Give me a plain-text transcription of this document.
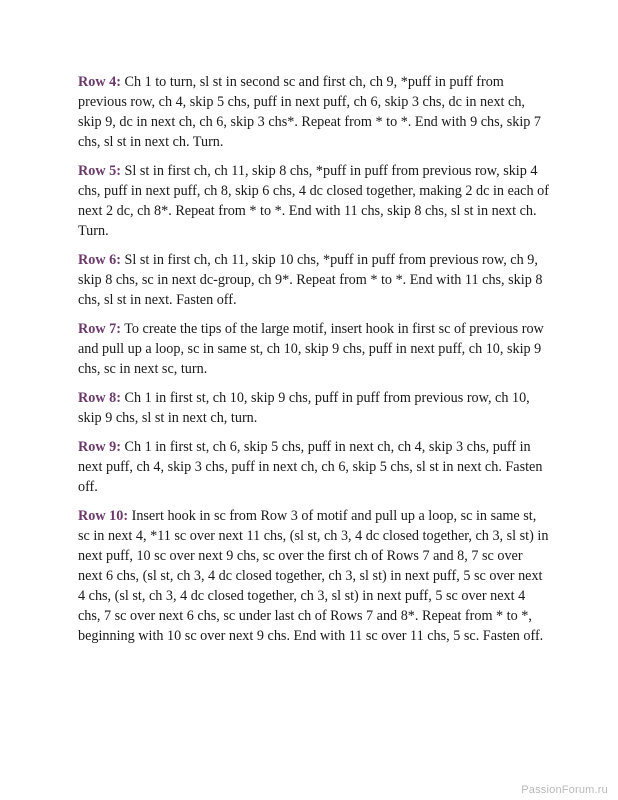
Row 4: Ch 1 to turn, sl st in second sc and first ch, ch 9, *puff in puff from previous row, ch 4, skip 5 chs, puff in next puff, ch 6, skip 3 chs, dc in next ch, skip 9, dc in next ch, ch 6, skip 3 chs*. Repeat from * to *. End with 9 chs, skip 7 chs, sl st in next ch. Turn.

Row 5: Sl st in first ch, ch 11, skip 8 chs, *puff in puff from previous row, skip 4 chs, puff in next puff, ch 8, skip 6 chs, 4 dc closed together, making 2 dc in each of next 2 dc, ch 8*. Repeat from * to *. End with 11 chs, skip 8 chs, sl st in next ch. Turn.

Row 6: Sl st in first ch, ch 11, skip 10 chs, *puff in puff from previous row, ch 9, skip 8 chs, sc in next dc-group, ch 9*. Repeat from * to *. End with 11 chs, skip 8 chs, sl st in next. Fasten off.

Row 7: To create the tips of the large motif, insert hook in first sc of previous row and pull up a loop, sc in same st, ch 10, skip 9 chs, puff in next puff, ch 10, skip 9 chs, sc in next sc, turn.

Row 8: Ch 1 in first st, ch 10, skip 9 chs, puff in puff from previous row, ch 10, skip 9 chs, sl st in next ch, turn.

Row 9: Ch 1 in first st, ch 6, skip 5 chs, puff in next ch, ch 4, skip 3 chs, puff in next puff, ch 4, skip 3 chs, puff in next ch, ch 6, skip 5 chs, sl st in next ch. Fasten off.

Row 10: Insert hook in sc from Row 3 of motif and pull up a loop, sc in same st, sc in next 4, *11 sc over next 11 chs, (sl st, ch 3, 4 dc closed together, ch 3, sl st) in next puff, 10 sc over next 9 chs, sc over the first ch of Rows 7 and 8, 7 sc over next 6 chs, (sl st, ch 3, 4 dc closed together, ch 3, sl st) in next puff, 5 sc over next 4 chs, (sl st, ch 3, 4 dc closed together, ch 3, sl st) in next puff, 5 sc over next 4 chs, 7 sc over next 6 chs, sc under last ch of Rows 7 and 8*. Repeat from * to *, beginning with 10 sc over next 9 chs. End with 11 sc over 11 chs, 5 sc. Fasten off.

PassionForum.ru
